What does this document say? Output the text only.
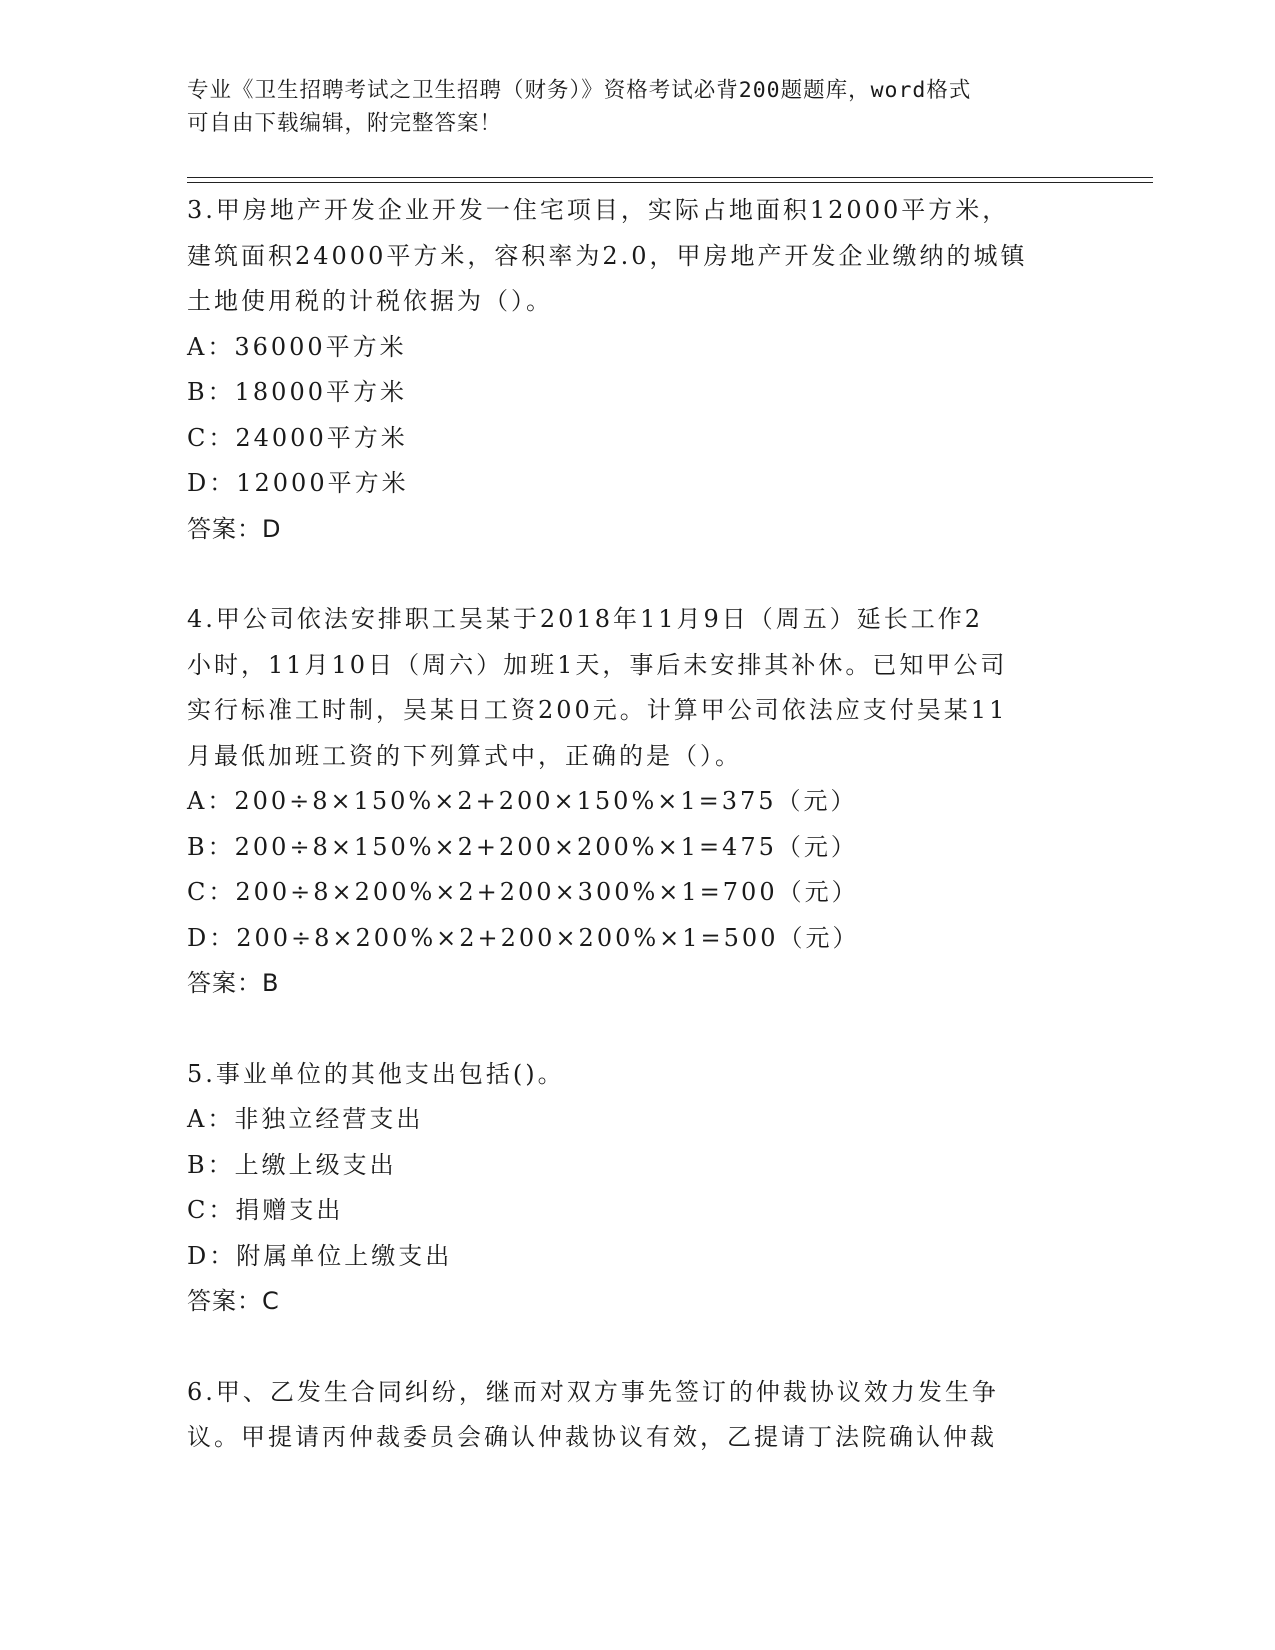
专业《卫生招聘考试之卫生招聘（财务）》资格考试必背200题题库，word格式
可自由下载编辑，附完整答案！
3.甲房地产开发企业开发一住宅项目，实际占地面积12000平方米，
建筑面积24000平方米，容积率为2.0，甲房地产开发企业缴纳的城镇
土地使用税的计税依据为（）。
A：36000平方米
B：18000平方米
C：24000平方米
D：12000平方米
答案：D
4.甲公司依法安排职工吴某于2018年11月9日（周五）延长工作2
小时，11月10日（周六）加班1天，事后未安排其补休。已知甲公司
实行标准工时制，吴某日工资200元。计算甲公司依法应支付吴某11
月最低加班工资的下列算式中，正确的是（）。
A：200÷8×150%×2+200×150%×1=375（元）
B：200÷8×150%×2+200×200%×1=475（元）
C：200÷8×200%×2+200×300%×1=700（元）
D：200÷8×200%×2+200×200%×1=500（元）
答案：B
5.事业单位的其他支出包括()。
A：非独立经营支出
B：上缴上级支出
C：捐赠支出
D：附属单位上缴支出
答案：C
6.甲、乙发生合同纠纷，继而对双方事先签订的仲裁协议效力发生争
议。甲提请丙仲裁委员会确认仲裁协议有效，乙提请丁法院确认仲裁
